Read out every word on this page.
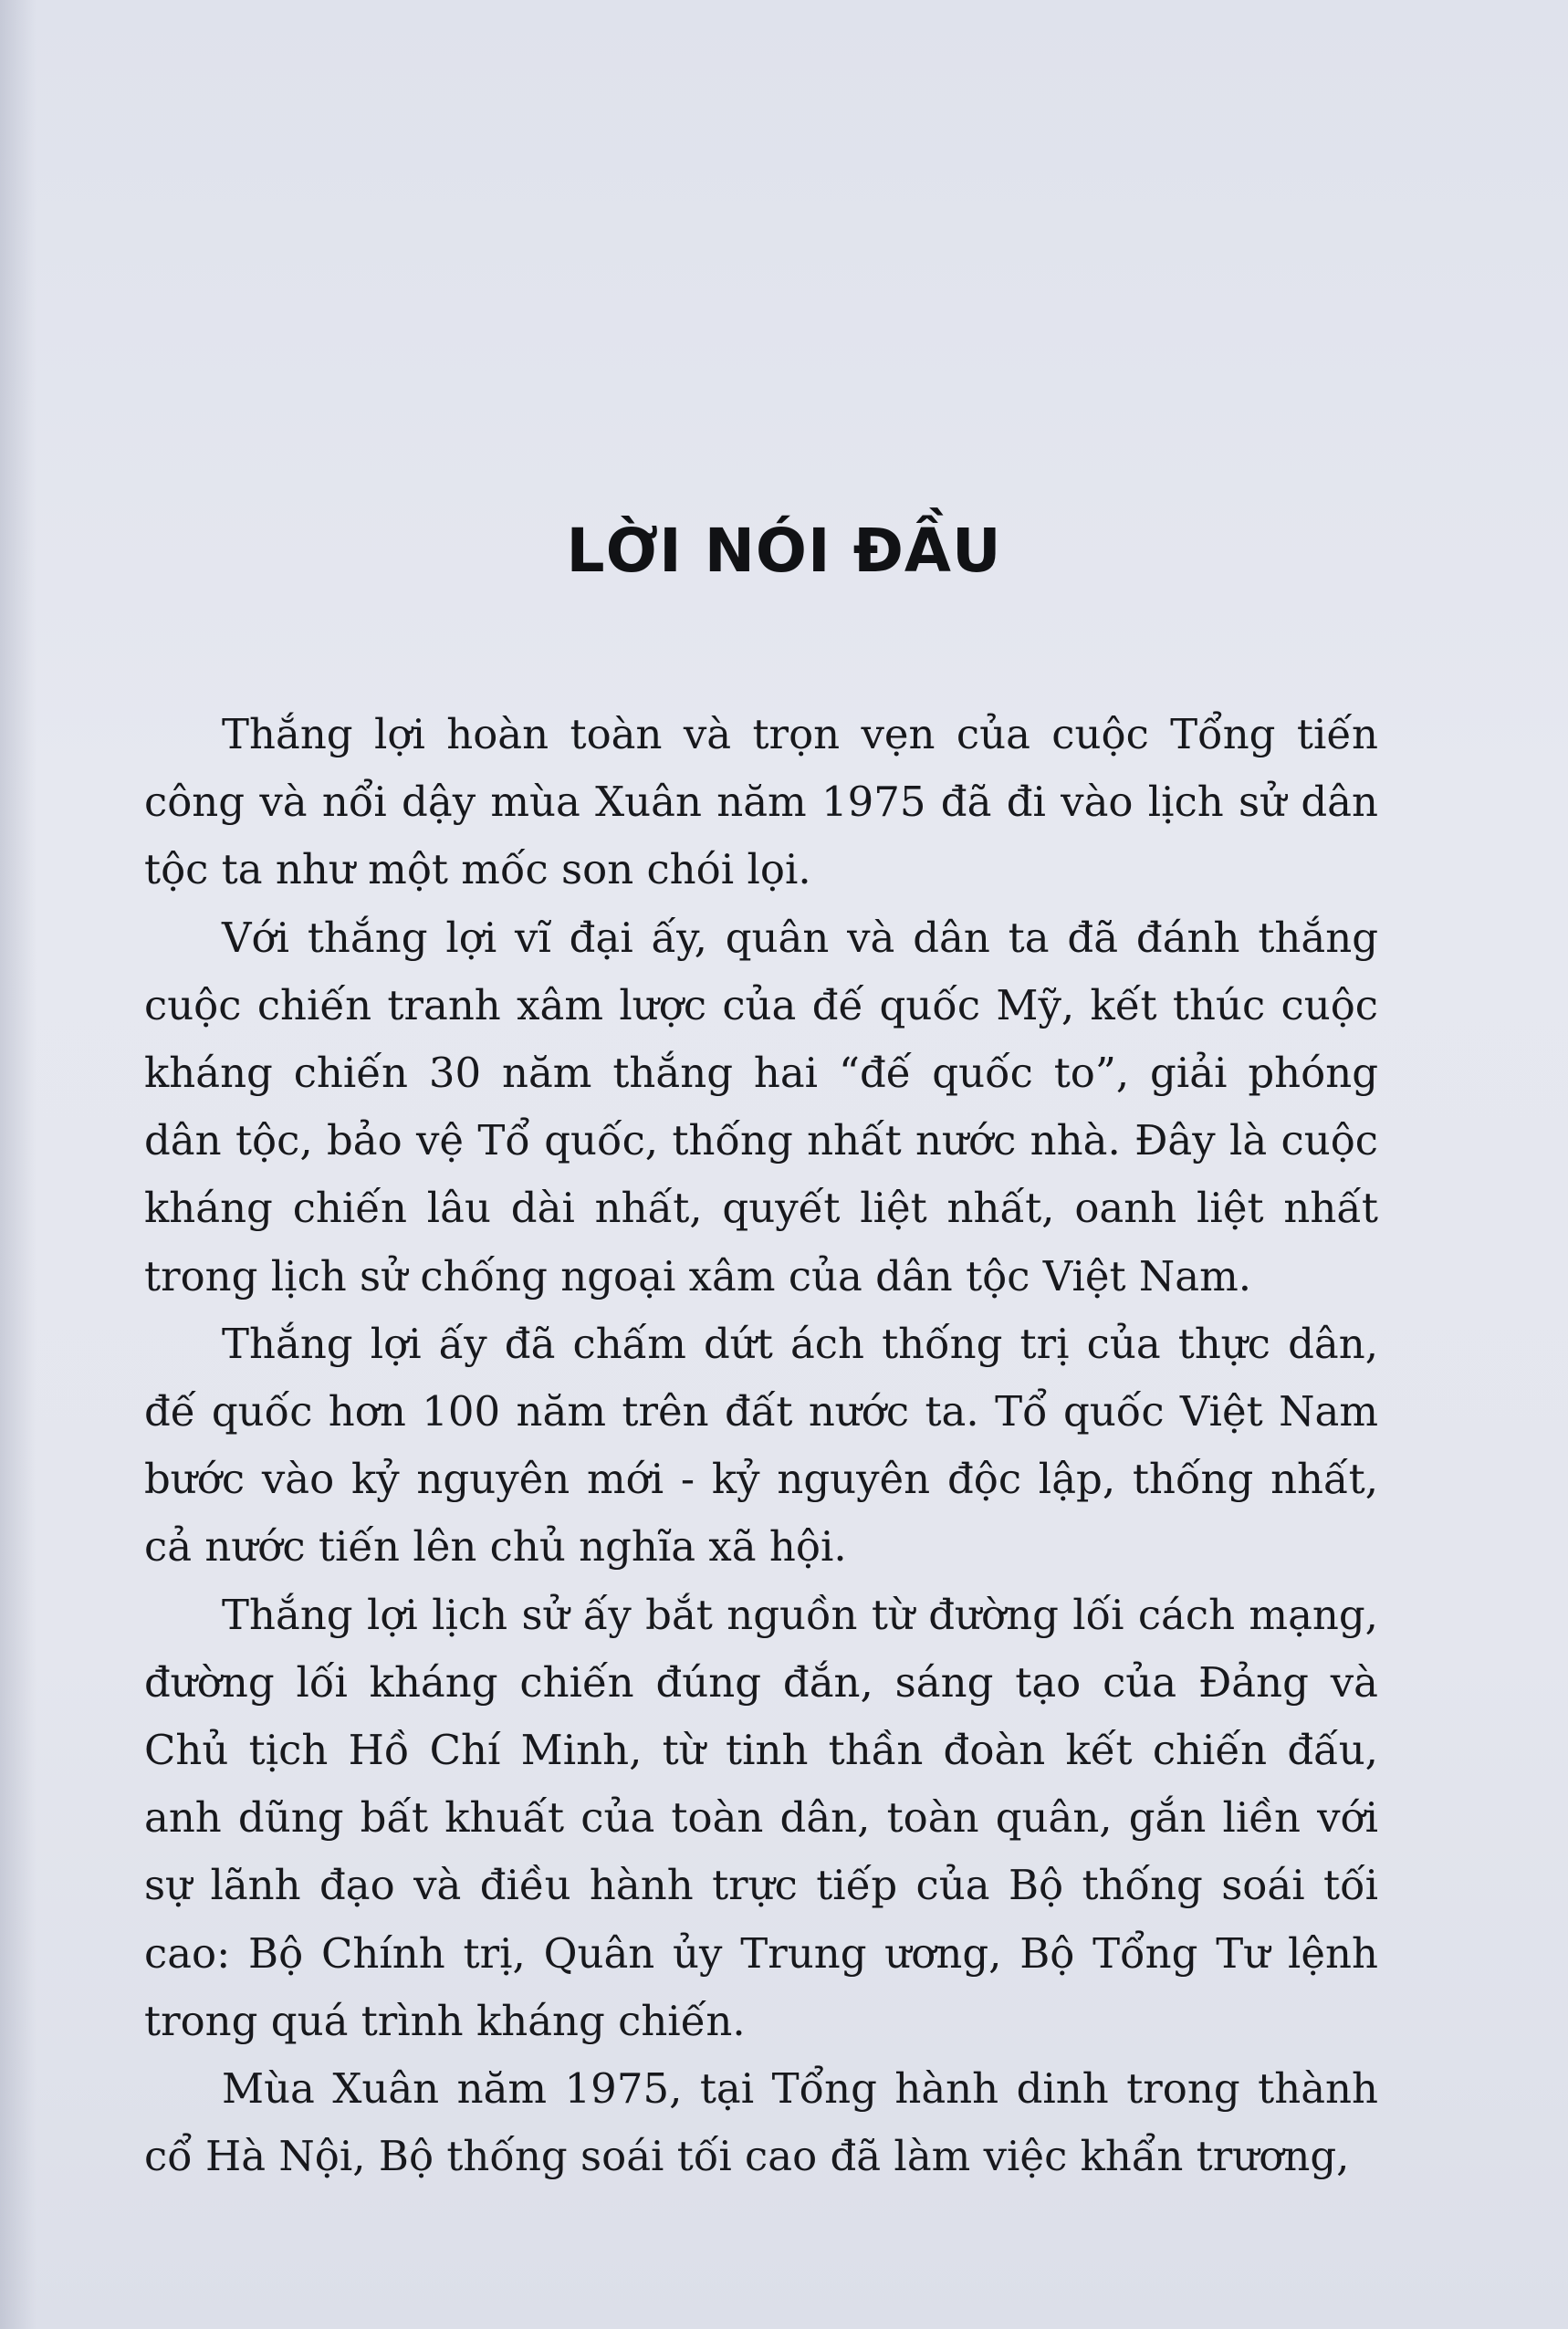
LỜI NÓI ĐẦU

Thắng lợi hoàn toàn và trọn vẹn của cuộc Tổng tiến công và nổi dậy mùa Xuân năm 1975 đã đi vào lịch sử dân tộc ta như một mốc son chói lọi.

Với thắng lợi vĩ đại ấy, quân và dân ta đã đánh thắng cuộc chiến tranh xâm lược của đế quốc Mỹ, kết thúc cuộc kháng chiến 30 năm thắng hai “đế quốc to”, giải phóng dân tộc, bảo vệ Tổ quốc, thống nhất nước nhà. Đây là cuộc kháng chiến lâu dài nhất, quyết liệt nhất, oanh liệt nhất trong lịch sử chống ngoại xâm của dân tộc Việt Nam.

Thắng lợi ấy đã chấm dứt ách thống trị của thực dân, đế quốc hơn 100 năm trên đất nước ta. Tổ quốc Việt Nam bước vào kỷ nguyên mới - kỷ nguyên độc lập, thống nhất, cả nước tiến lên chủ nghĩa xã hội.

Thắng lợi lịch sử ấy bắt nguồn từ đường lối cách mạng, đường lối kháng chiến đúng đắn, sáng tạo của Đảng và Chủ tịch Hồ Chí Minh, từ tinh thần đoàn kết chiến đấu, anh dũng bất khuất của toàn dân, toàn quân, gắn liền với sự lãnh đạo và điều hành trực tiếp của Bộ thống soái tối cao: Bộ Chính trị, Quân ủy Trung ương, Bộ Tổng Tư lệnh trong quá trình kháng chiến.

Mùa Xuân năm 1975, tại Tổng hành dinh trong thành cổ Hà Nội, Bộ thống soái tối cao đã làm việc khẩn trương,
